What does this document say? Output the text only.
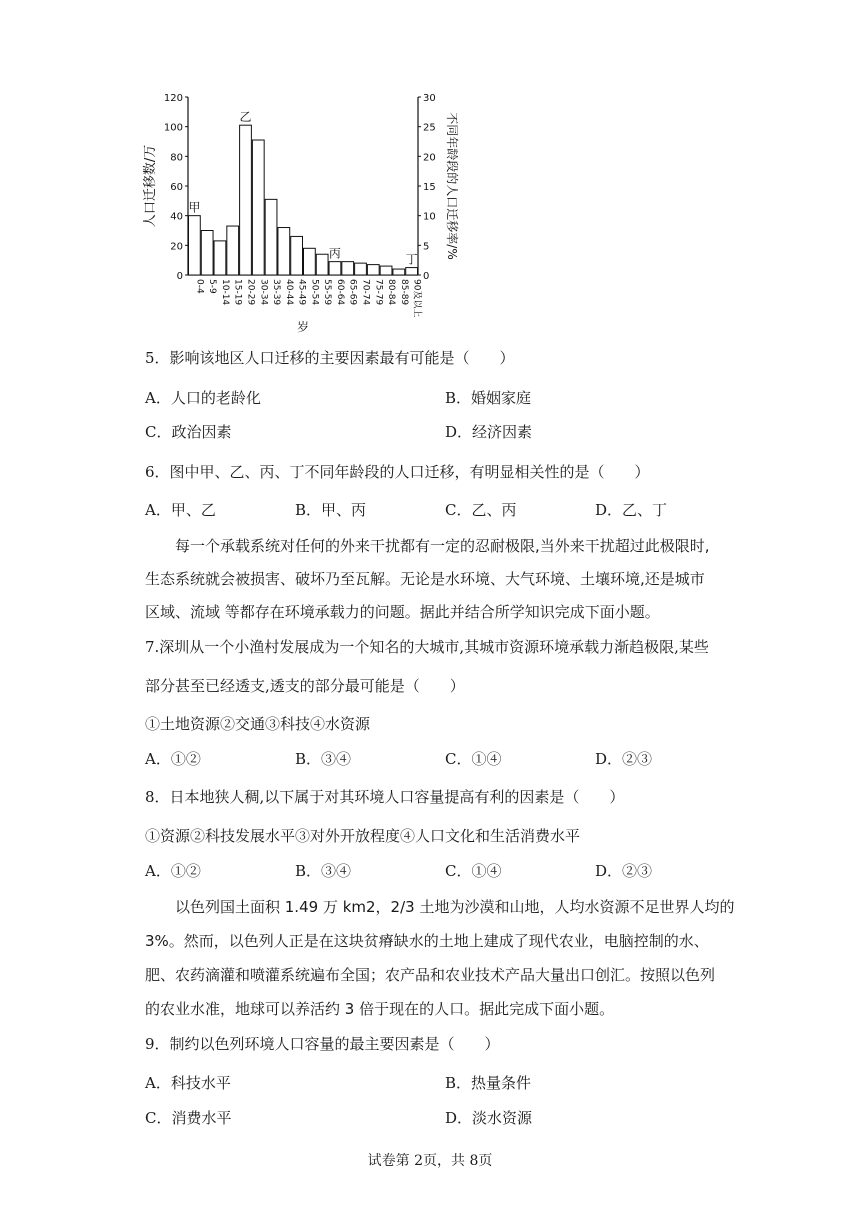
0
20
40
60
80
100
120
0
5
10
15
20
25
30
0-4 5-9 10-14 15-19 20-29 30-34 35-39 40-44 45-49 50-54 55-59 60-64 65-69 70-74 75-79 80-84 85-89 90及以上
甲
乙
丙	丁
人口迁移数/万	不同年龄段的人口迁移率/%
岁
5．影响该地区人口迁移的主要因素最有可能是（　　）
A．人口的老龄化	B．婚姻家庭
C．政治因素	D．经济因素
6．图中甲、乙、丙、丁不同年龄段的人口迁移，有明显相关性的是（　　）
A．甲、乙	B．甲、丙	C．乙、丙	D．乙、丁
每一个承载系统对任何的外来干扰都有一定的忍耐极限,当外来干扰超过此极限时,
生态系统就会被损害、破坏乃至瓦解。无论是水环境、大气环境、土壤环境,还是城市
区域、流域 等都存在环境承载力的问题。据此并结合所学知识完成下面小题。
7.深圳从一个小渔村发展成为一个知名的大城市,其城市资源环境承载力渐趋极限,某些
部分甚至已经透支,透支的部分最可能是（　　）
①土地资源②交通③科技④水资源
A．①②	B．③④	C．①④	D．②③
8．日本地狭人稠,以下属于对其环境人口容量提高有利的因素是（　　）
①资源②科技发展水平③对外开放程度④人口文化和生活消费水平
A．①②	B．③④	C．①④	D．②③
以色列国土面积 1.49 万 km2，2/3 土地为沙漠和山地，人均水资源不足世界人均的
3%。然而，以色列人正是在这块贫瘠缺水的土地上建成了现代农业，电脑控制的水、
肥、农药滴灌和喷灌系统遍布全国；农产品和农业技术产品大量出口创汇。按照以色列
的农业水准，地球可以养活约 3 倍于现在的人口。据此完成下面小题。
9．制约以色列环境人口容量的最主要因素是（　　）
A．科技水平	B．热量条件
C．消费水平	D．淡水资源
试卷第 2页，共 8页
